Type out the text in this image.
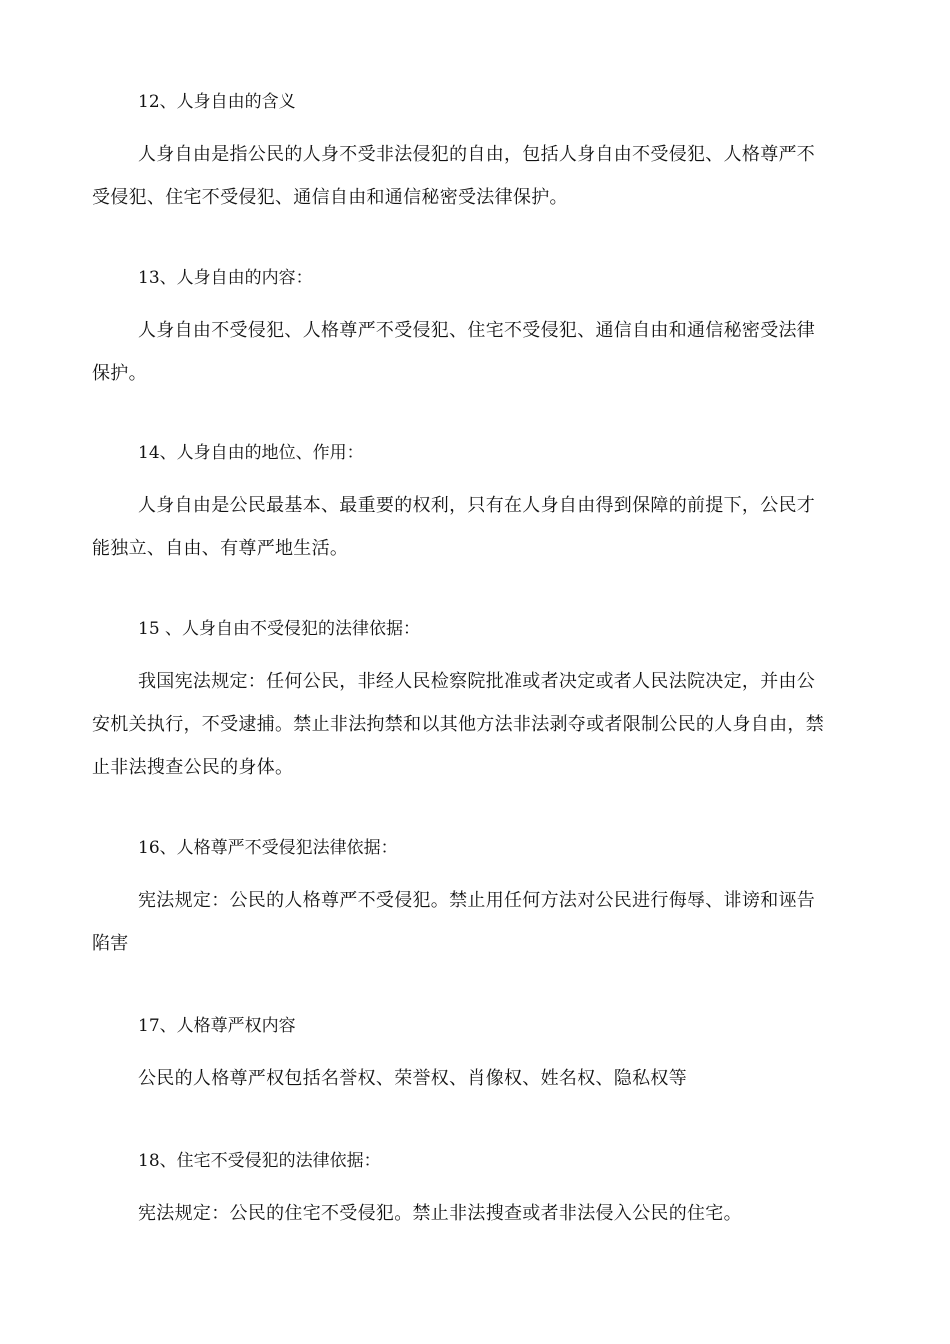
12、人身自由的含义

人身自由是指公民的人身不受非法侵犯的自由，包括人身自由不受侵犯、人格尊严不
受侵犯、住宅不受侵犯、通信自由和通信秘密受法律保护。

13、人身自由的内容：

人身自由不受侵犯、人格尊严不受侵犯、住宅不受侵犯、通信自由和通信秘密受法律
保护。

14、人身自由的地位、作用：

人身自由是公民最基本、最重要的权利，只有在人身自由得到保障的前提下，公民才
能独立、自由、有尊严地生活。

15 、人身自由不受侵犯的法律依据：

我国宪法规定：任何公民，非经人民检察院批准或者决定或者人民法院决定，并由公
安机关执行，不受逮捕。禁止非法拘禁和以其他方法非法剥夺或者限制公民的人身自由，禁
止非法搜查公民的身体。

16、人格尊严不受侵犯法律依据：

宪法规定：公民的人格尊严不受侵犯。禁止用任何方法对公民进行侮辱、诽谤和诬告
陷害

17、人格尊严权内容

公民的人格尊严权包括名誉权、荣誉权、肖像权、姓名权、隐私权等

18、住宅不受侵犯的法律依据：

宪法规定：公民的住宅不受侵犯。禁止非法搜查或者非法侵入公民的住宅。
